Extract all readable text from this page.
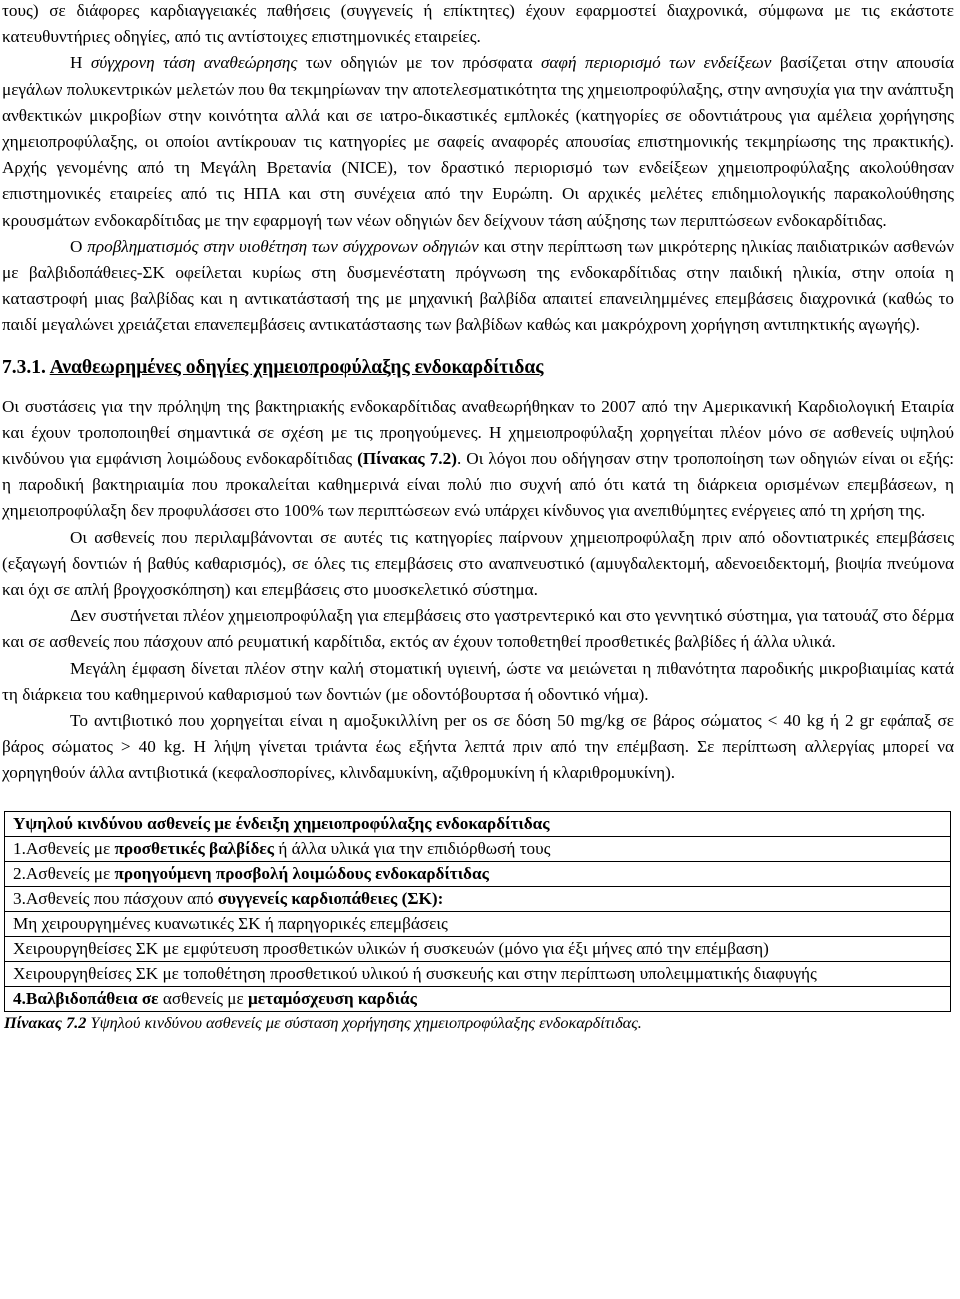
τους) σε διάφορες καρδιαγγειακές παθήσεις (συγγενείς ή επίκτητες) έχουν εφαρμοστεί διαχρονικά, σύμφωνα με τις εκάστοτε κατευθυντήριες οδηγίες, από τις αντίστοιχες επιστημονικές εταιρείες.

Η σύγχρονη τάση αναθεώρησης των οδηγιών με τον πρόσφατα σαφή περιορισμό των ενδείξεων βασίζεται στην απουσία μεγάλων πολυκεντρικών μελετών που θα τεκμηρίωναν την αποτελεσματικότητα της χημειοπροφύλαξης, στην ανησυχία για την ανάπτυξη ανθεκτικών μικροβίων στην κοινότητα αλλά και σε ιατρο-δικαστικές εμπλοκές (κατηγορίες σε οδοντιάτρους για αμέλεια χορήγησης χημειοπροφύλαξης, οι οποίοι αντίκρουαν τις κατηγορίες με σαφείς αναφορές απουσίας επιστημονικής τεκμηρίωσης της πρακτικής). Αρχής γενομένης από τη Μεγάλη Βρετανία (NICE), τον δραστικό περιορισμό των ενδείξεων χημειοπροφύλαξης ακολούθησαν επιστημονικές εταιρείες από τις ΗΠΑ και στη συνέχεια από την Ευρώπη. Οι αρχικές μελέτες επιδημιολογικής παρακολούθησης κρουσμάτων ενδοκαρδίτιδας με την εφαρμογή των νέων οδηγιών δεν δείχνουν τάση αύξησης των περιπτώσεων ενδοκαρδίτιδας.

Ο προβληματισμός στην υιοθέτηση των σύγχρονων οδηγιών και στην περίπτωση των μικρότερης ηλικίας παιδιατρικών ασθενών με βαλβιδοπάθειες-ΣΚ οφείλεται κυρίως στη δυσμενέστατη πρόγνωση της ενδοκαρδίτιδας στην παιδική ηλικία, στην οποία η καταστροφή μιας βαλβίδας και η αντικατάστασή της με μηχανική βαλβίδα απαιτεί επανειλημμένες επεμβάσεις διαχρονικά (καθώς το παιδί μεγαλώνει χρειάζεται επανεπεμβάσεις αντικατάστασης των βαλβίδων καθώς και μακρόχρονη χορήγηση αντιπηκτικής αγωγής).

7.3.1. Αναθεωρημένες οδηγίες χημειοπροφύλαξης ενδοκαρδίτιδας

Οι συστάσεις για την πρόληψη της βακτηριακής ενδοκαρδίτιδας αναθεωρήθηκαν το 2007 από την Αμερικανική Καρδιολογική Εταιρία και έχουν τροποποιηθεί σημαντικά σε σχέση με τις προηγούμενες. Η χημειοπροφύλαξη χορηγείται πλέον μόνο σε ασθενείς υψηλού κινδύνου για εμφάνιση λοιμώδους ενδοκαρδίτιδας (Πίνακας 7.2). Οι λόγοι που οδήγησαν στην τροποποίηση των οδηγιών είναι οι εξής: η παροδική βακτηριαιμία που προκαλείται καθημερινά είναι πολύ πιο συχνή από ότι κατά τη διάρκεια ορισμένων επεμβάσεων, η χημειοπροφύλαξη δεν προφυλάσσει στο 100% των περιπτώσεων ενώ υπάρχει κίνδυνος για ανεπιθύμητες ενέργειες από τη χρήση της.

Οι ασθενείς που περιλαμβάνονται σε αυτές τις κατηγορίες παίρνουν χημειοπροφύλαξη πριν από οδοντιατρικές επεμβάσεις (εξαγωγή δοντιών ή βαθύς καθαρισμός), σε όλες τις επεμβάσεις στο αναπνευστικό (αμυγδαλεκτομή, αδενοειδεκτομή, βιοψία πνεύμονα και όχι σε απλή βρογχοσκόπηση) και επεμβάσεις στο μυοσκελετικό σύστημα.

Δεν συστήνεται πλέον χημειοπροφύλαξη για επεμβάσεις στο γαστρεντερικό και στο γεννητικό σύστημα, για τατουάζ στο δέρμα και σε ασθενείς που πάσχουν από ρευματική καρδίτιδα, εκτός αν έχουν τοποθετηθεί προσθετικές βαλβίδες ή άλλα υλικά.

Μεγάλη έμφαση δίνεται πλέον στην καλή στοματική υγιεινή, ώστε να μειώνεται η πιθανότητα παροδικής μικροβιαιμίας κατά τη διάρκεια του καθημερινού καθαρισμού των δοντιών (με οδοντόβουρτσα ή οδοντικό νήμα).

Το αντιβιοτικό που χορηγείται είναι η αμοξυκιλλίνη per os σε δόση 50 mg/kg σε βάρος σώματος < 40 kg ή 2 gr εφάπαξ σε βάρος σώματος > 40 kg. Η λήψη γίνεται τριάντα έως εξήντα λεπτά πριν από την επέμβαση. Σε περίπτωση αλλεργίας μπορεί να χορηγηθούν άλλα αντιβιοτικά (κεφαλοσπορίνες, κλινδαμυκίνη, αζιθρομυκίνη ή κλαριθρομυκίνη).

Υψηλού κινδύνου ασθενείς με ένδειξη χημειοπροφύλαξης ενδοκαρδίτιδας
1.Ασθενείς με προσθετικές βαλβίδες ή άλλα υλικά για την επιδιόρθωσή τους
2.Ασθενείς με προηγούμενη προσβολή λοιμώδους ενδοκαρδίτιδας
3.Ασθενείς που πάσχουν από συγγενείς καρδιοπάθειες (ΣΚ):
Μη χειρουργημένες κυανωτικές ΣΚ ή παρηγορικές επεμβάσεις
Χειρουργηθείσες ΣΚ με εμφύτευση προσθετικών υλικών ή συσκευών (μόνο για έξι μήνες από την επέμβαση)
Χειρουργηθείσες ΣΚ με τοποθέτηση προσθετικού υλικού ή συσκευής και στην περίπτωση υπολειμματικής διαφυγής
4.Βαλβιδοπάθεια σε ασθενείς με μεταμόσχευση καρδιάς

Πίνακας 7.2 Υψηλού κινδύνου ασθενείς με σύσταση χορήγησης χημειοπροφύλαξης ενδοκαρδίτιδας.
